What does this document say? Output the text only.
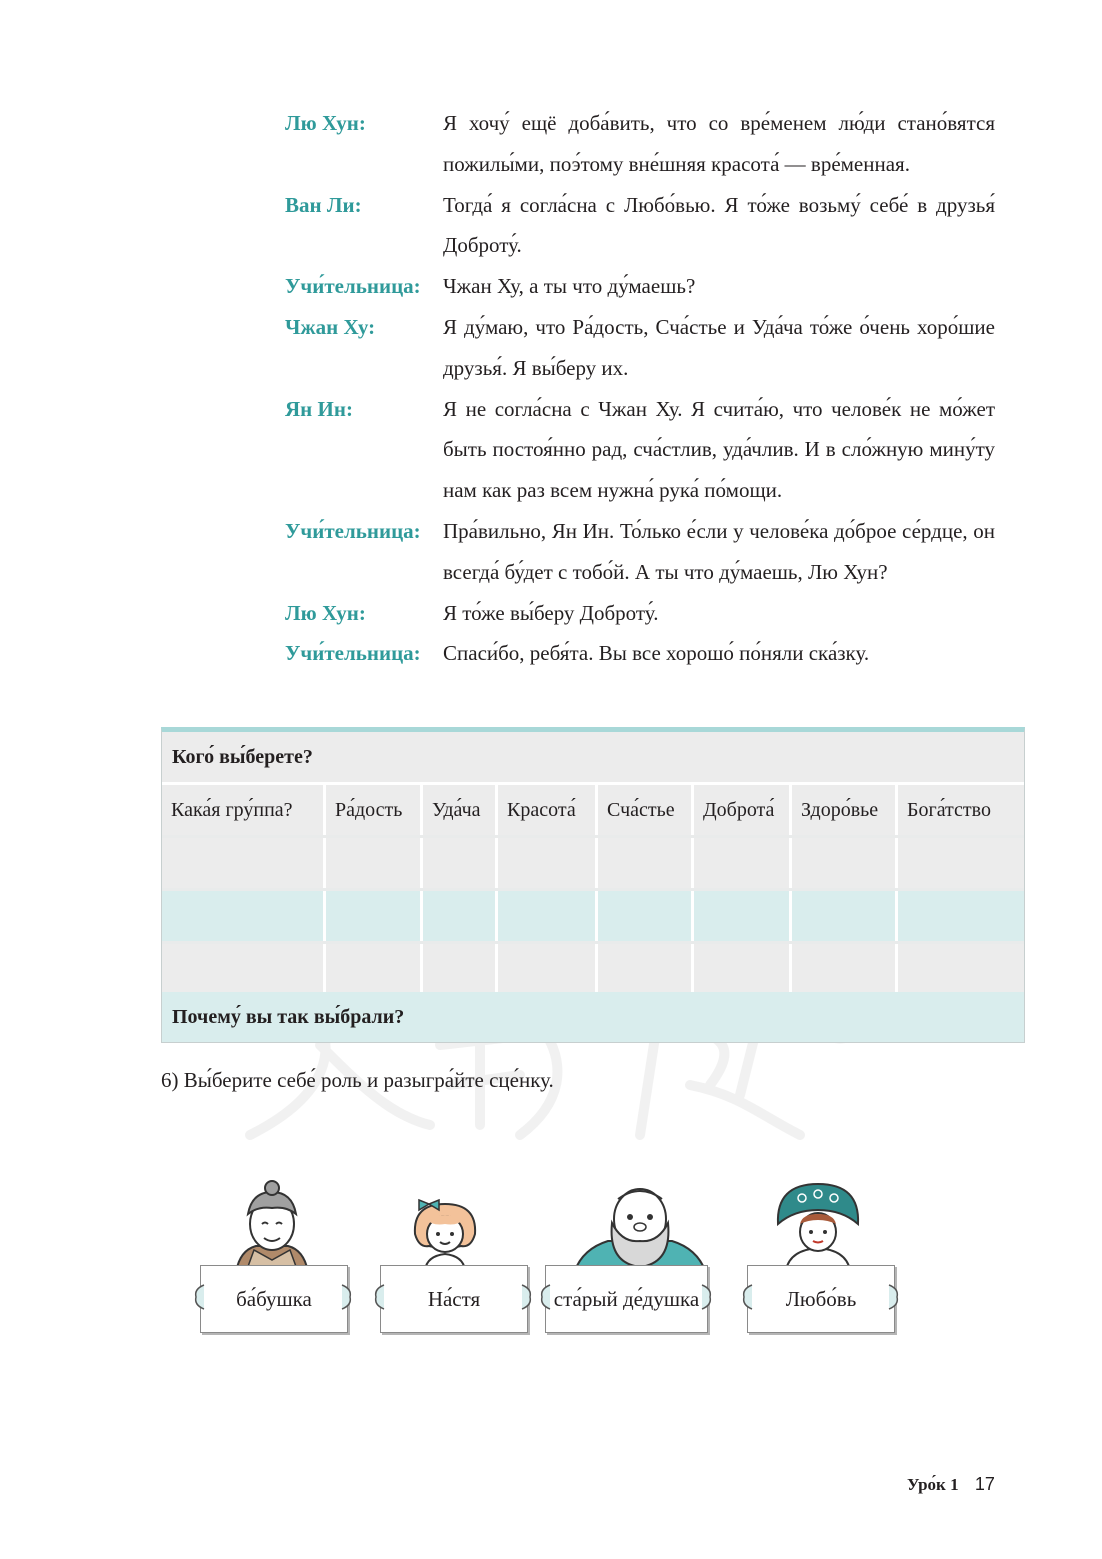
Лю Хун:	Я хочу́ ещё доба́вить, что со вре́менем лю́ди стано́вятся пожилы́ми, поэ́тому вне́шняя красота́ — вре́менная.
Ван Ли:	Тогда́ я согла́сна с Любо́вью. Я то́же возьму́ себе́ в друзья́ Доброту́.
Учи́тельница:	Чжан Ху, а ты что ду́маешь?
Чжан Ху:	Я ду́маю, что Ра́дость, Сча́стье и Уда́ча то́же о́чень хоро́шие друзья́. Я вы́беру их.
Ян Ин:	Я не согла́сна с Чжан Ху. Я счита́ю, что челове́к не мо́жет быть постоя́нно рад, сча́стлив, уда́члив. И в сло́жную мину́ту нам как раз всем нужна́ рука́ по́мощи.
Учи́тельница:	Пра́вильно, Ян Ин. То́лько е́сли у челове́ка до́брое се́рдце, он всегда́ бу́дет с тобо́й. А ты что ду́маешь, Лю Хун?
Лю Хун:	Я то́же вы́беру Доброту́.
Учи́тельница:	Спаси́бо, ребя́та. Вы все хорошо́ по́няли ска́зку.
Кого́ вы́берете?
Кака́я гру́ппа?	Ра́дость	Уда́ча	Красота́	Сча́стье	Доброта́	Здоро́вье	Бога́тство
Почему́ вы так вы́брали?
6) Вы́берите себе́ роль и разыгра́йте сце́нку.
ба́бушка	На́стя	ста́рый де́душка	Любо́вь
Уро́к 1 17
